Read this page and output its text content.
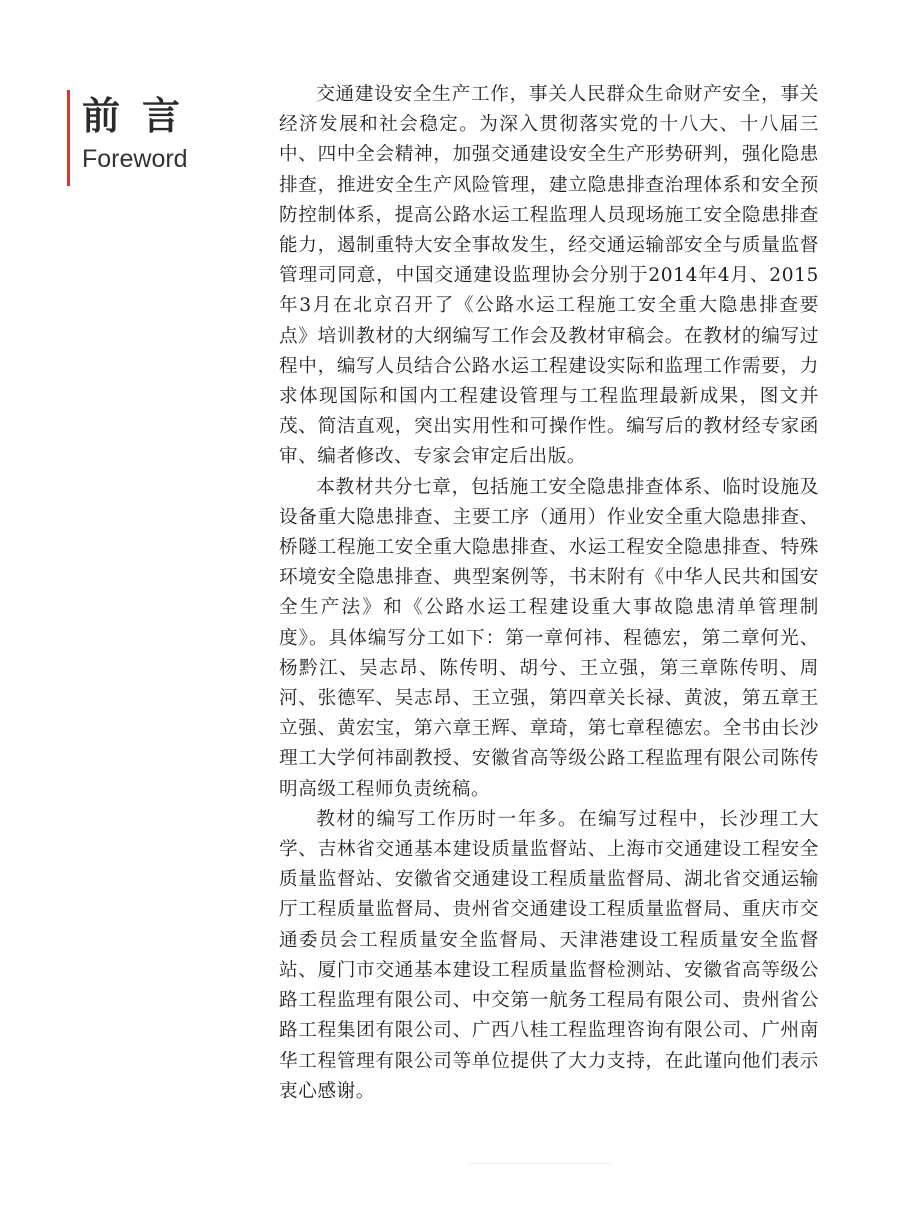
前言
Foreword

交通建设安全生产工作，事关人民群众生命财产安全，事关经济发展和社会稳定。为深入贯彻落实党的十八大、十八届三中、四中全会精神，加强交通建设安全生产形势研判，强化隐患排查，推进安全生产风险管理，建立隐患排查治理体系和安全预防控制体系，提高公路水运工程监理人员现场施工安全隐患排查能力，遏制重特大安全事故发生，经交通运输部安全与质量监督管理司同意，中国交通建设监理协会分别于2014年4月、2015年3月在北京召开了《公路水运工程施工安全重大隐患排查要点》培训教材的大纲编写工作会及教材审稿会。在教材的编写过程中，编写人员结合公路水运工程建设实际和监理工作需要，力求体现国际和国内工程建设管理与工程监理最新成果，图文并茂、简洁直观，突出实用性和可操作性。编写后的教材经专家函审、编者修改、专家会审定后出版。

本教材共分七章，包括施工安全隐患排查体系、临时设施及设备重大隐患排查、主要工序（通用）作业安全重大隐患排查、桥隧工程施工安全重大隐患排查、水运工程安全隐患排查、特殊环境安全隐患排查、典型案例等，书末附有《中华人民共和国安全生产法》和《公路水运工程建设重大事故隐患清单管理制度》。具体编写分工如下：第一章何祎、程德宏，第二章何光、杨黔江、吴志昂、陈传明、胡兮、王立强，第三章陈传明、周河、张德军、吴志昂、王立强，第四章关长禄、黄波，第五章王立强、黄宏宝，第六章王辉、章琦，第七章程德宏。全书由长沙理工大学何祎副教授、安徽省高等级公路工程监理有限公司陈传明高级工程师负责统稿。

教材的编写工作历时一年多。在编写过程中，长沙理工大学、吉林省交通基本建设质量监督站、上海市交通建设工程安全质量监督站、安徽省交通建设工程质量监督局、湖北省交通运输厅工程质量监督局、贵州省交通建设工程质量监督局、重庆市交通委员会工程质量安全监督局、天津港建设工程质量安全监督站、厦门市交通基本建设工程质量监督检测站、安徽省高等级公路工程监理有限公司、中交第一航务工程局有限公司、贵州省公路工程集团有限公司、广西八桂工程监理咨询有限公司、广州南华工程管理有限公司等单位提供了大力支持，在此谨向他们表示衷心感谢。
